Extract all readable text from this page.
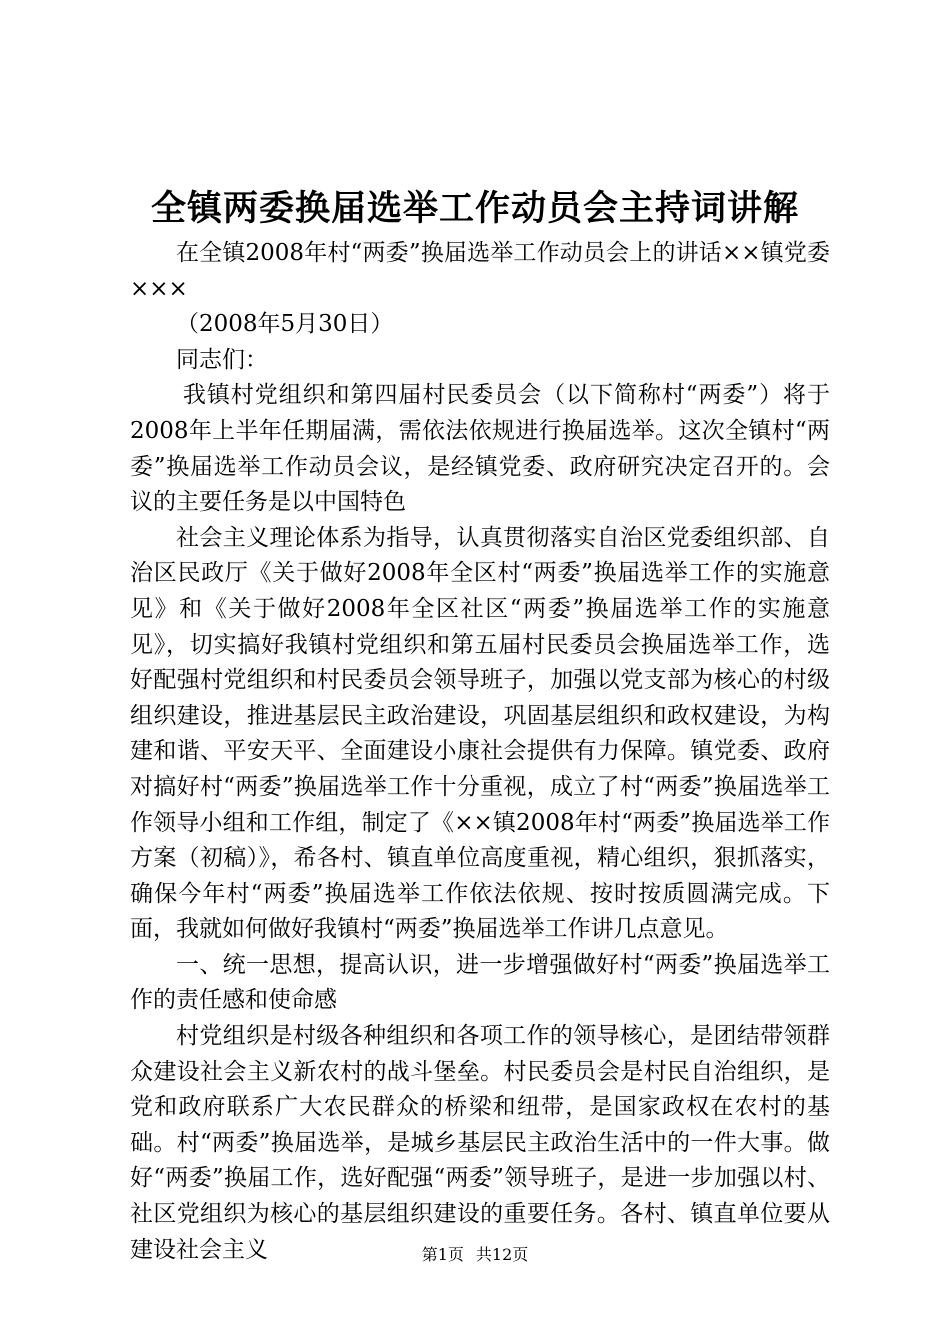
全镇两委换届选举工作动员会主持词讲解

在全镇2008年村“两委”换届选举工作动员会上的讲话××镇党委×××

（2008年5月30日）

同志们：

我镇村党组织和第四届村民委员会（以下简称村“两委”）将于2008年上半年任期届满，需依法依规进行换届选举。这次全镇村“两委”换届选举工作动员会议，是经镇党委、政府研究决定召开的。会议的主要任务是以中国特色

社会主义理论体系为指导，认真贯彻落实自治区党委组织部、自治区民政厅《关于做好2008年全区村“两委”换届选举工作的实施意见》和《关于做好2008年全区社区“两委”换届选举工作的实施意见》，切实搞好我镇村党组织和第五届村民委员会换届选举工作，选好配强村党组织和村民委员会领导班子，加强以党支部为核心的村级组织建设，推进基层民主政治建设，巩固基层组织和政权建设，为构建和谐、平安天平、全面建设小康社会提供有力保障。镇党委、政府对搞好村“两委”换届选举工作十分重视，成立了村“两委”换届选举工作领导小组和工作组，制定了《××镇2008年村“两委”换届选举工作方案（初稿）》，希各村、镇直单位高度重视，精心组织，狠抓落实，确保今年村“两委”换届选举工作依法依规、按时按质圆满完成。下面，我就如何做好我镇村“两委”换届选举工作讲几点意见。

一、统一思想，提高认识，进一步增强做好村“两委”换届选举工作的责任感和使命感

村党组织是村级各种组织和各项工作的领导核心，是团结带领群众建设社会主义新农村的战斗堡垒。村民委员会是村民自治组织，是党和政府联系广大农民群众的桥梁和纽带，是国家政权在农村的基础。村“两委”换届选举，是城乡基层民主政治生活中的一件大事。做好“两委”换届工作，选好配强“两委”领导班子，是进一步加强以村、社区党组织为核心的基层组织建设的重要任务。各村、镇直单位要从建设社会主义	第1页 共12页
